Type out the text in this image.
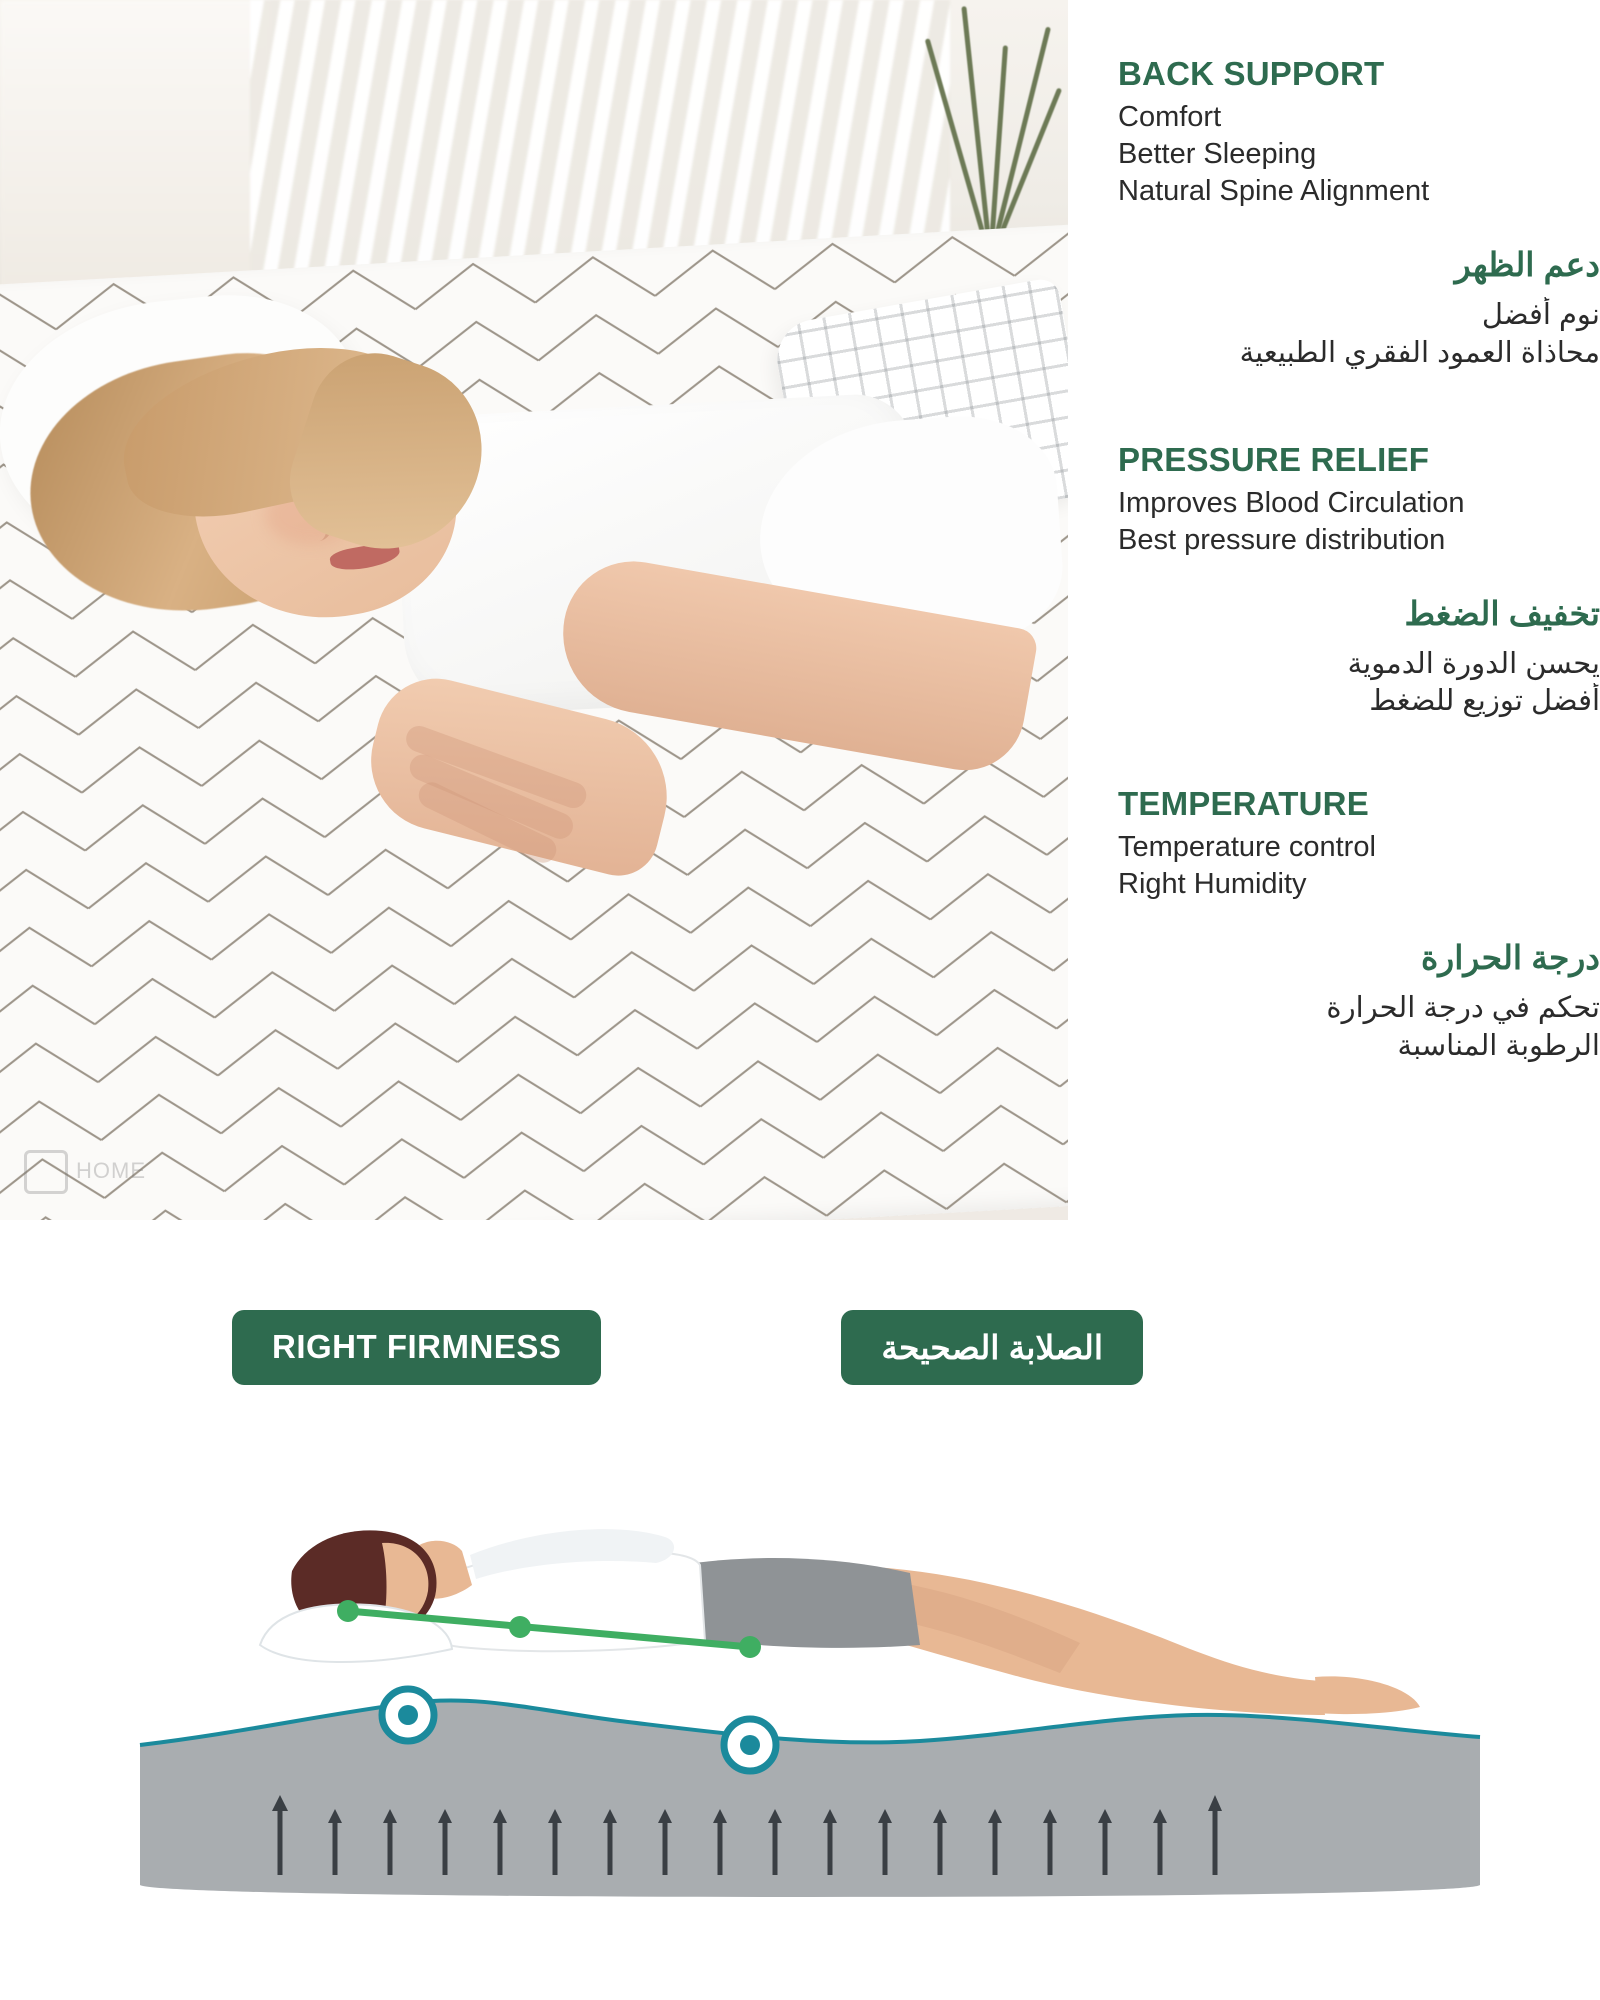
HOME
BACK SUPPORT
Comfort
Better Sleeping
Natural Spine Alignment
دعم الظهر
نوم أفضل
محاذاة العمود الفقري الطبيعية
PRESSURE RELIEF
Improves Blood Circulation
Best pressure distribution
تخفيف الضغط
يحسن الدورة الدموية
أفضل توزيع للضغط
TEMPERATURE
Temperature control
Right Humidity
درجة الحرارة
تحكم في درجة الحرارة
الرطوبة المناسبة
RIGHT FIRMNESS	الصلابة الصحيحة
